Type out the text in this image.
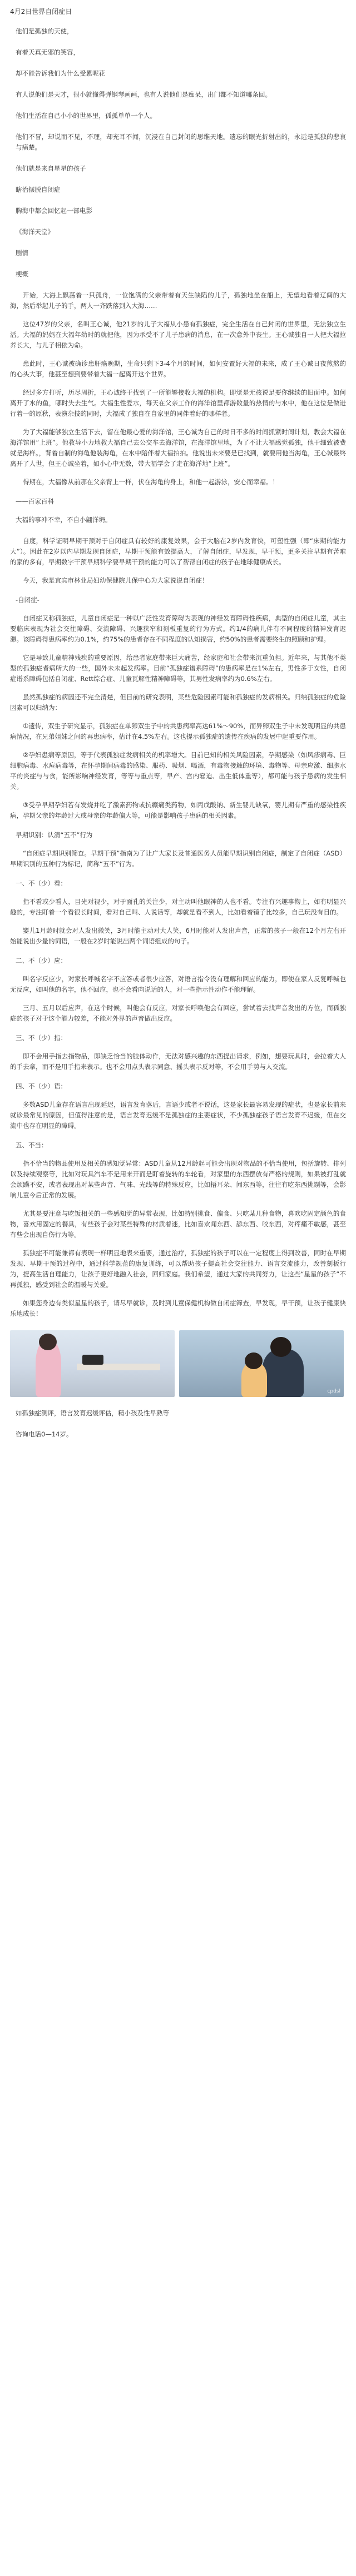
4月2日世界自闭症日

他们是孤独的天使，

有着天真无邪的笑容，

却不能告诉我们为什么受累呢花

有人说他们是天才，很小就懂得弹钢琴画画，也有人说他们是痴呆，出门都不知道哪条回。

他们生活在自己小小的世界里，孤孤单单一个人。

他们不冒，却说而不见，不理，却充耳不闻，沉浸在自己封闭的思维天地。遗忘的眼光折射出的，永远是孤独的悲哀与痛楚。

他们就是来自星星的孩子

瞎治摆脱自闭症

胸海中都会回忆起一部电影

《海洋天堂》

剧情

梗概

开始，大海上飘荡着一只孤舟，一位饱满的父亲带着有天生缺陷的儿子，孤独地坐在船上，无望地看着辽阔的大海，然后举起儿子的手，两人一齐跌落到入大海……

这位47岁的父亲，名叫王心诚，他21岁的儿子大福从小患有孤独症，完全生活在自己封闭的世界里，无法独立生活。大福的妈妈在大福年幼时的就把他，因为承受不了儿子患病的消息，在一次意外中丧生。王心诚独自一人把大福拉养长大，与儿子相依为命。

患此时，王心诚被确诊患肝癌晚期，生命只剩下3-4个月的时间，如何安置好大福的未来，成了王心诚日夜煎熬的的心头大事，他甚至想到要带着大福一起离开这个世界。

经过多方打听，历尽周折，王心诚终于找到了一所能够接收大福的机构。即觉是无孩说足要你继续的旧面中。如何离开了水的鱼，哪时失去生气。大福生性爱水，每天在父亲工作的海洋馆里都游数量的热情的与水中，他在这位是做进行着一的原秋，表演杂技的同时，大福成了独自在自家里的同伴着好的哪样者。

为了大福能够独立生活下去，留在他最心爱的海洋馆，王心诚为自己的时日不多的时间抓紧时间计划，教会大福在海洋馆用“上班”。他教导小力地教大福自己去公交车去海洋馆，在海洋馆里地，为了不让大福感觉孤独，他于细致被费就是海样。，背着自制的海龟他装海龟，在水中陪伴着大福拍拍。他说出未来要是已找到，就要用他当海龟，王心诚最终离开了人世，但王心诚坐着，如小心中无数，带大福学会了走在海洋地“上班”。

得期在，大福像从前那在父亲背上一样，伏在海龟的身上，和他一起游泳，安心而幸福。！

——百家百科

大福的事冲不幸，不自小翩洋坍。

自度，科学证明早期干预对于自闭症具有较好的康复效果，会于大脑在2岁内发育快，可塑性强（即“床期的能力大”）。因此在2岁以内早期发现自闭症，早期干预能有效提高大，了解自闭症，早发现，早干预，更多关注早期有苦难的家的多有，早期数字干预早期科学要早期干预的能力可以了帮帮自闭症的孩子在地球健康成长。

今天，我是宜宾市林业局妇幼保健院儿保中心为大家说说自闭症！

-自闭症-

自闭症又称孤独症，儿童自闭症是一种以广泛性发育障碍为表现的神经发育障碍性疾病，典型的自闭症儿童，其主要临床表现为社会交往障碍、交流障碍、兴趣狭窄和刻板重复的行为方式。约1/4的病儿伴有不同程度的精神发育迟滞。该障碍得患病率约为0.1%，约75%的患者存在不同程度的认知损害，约50%的患者需要终生的照顾和护理。

它是导致儿童精神残疾的重要原因，给患者家庭带来巨大痛苦，经家庭和社会带来沉重负担。近年来，与其他不类型的孤独症者病所大的一些，国外未未起发病率。目前“孤独症谱系障碍”的患病率是在1%左右，男性多于女性，自闭症谱系障碍包括自闭症、Rett综合症、儿童瓦解性精神障碍等，其男性发病率约为0.6%左右。

虽然孤独症的病因还不完全清楚，但目前的研究表明，某些危险因素可能和孤独症的发病相关。归纳孤独症的危险因素可以归纳为：

①遗传，双生子研究显示，孤独症在单卵双生子中的共患病率高达61%～90%，而异卵双生子中未发现明显的共患病情况，在兄弟姐妹之间的再患病率，估计在4.5%左右。这也提示孤独症的遗传在疾病的发展中起重要作用。

②孕妇患病等原因，等于代表孤独症发病相关的机率增大。目前已知的相关风险因素，孕期感染（如风疹病毒、巨细胞病毒、水痘病毒等，在怀孕期间病毒的感染、服药、吸烟、喝酒，有毒物接触的环境、毒物等、母亲应激、细胞水平的炎症与与食，能所影响神经发育，等等与重点等，早产、宫内窘迫、出生低体重等），都可能与孩子患病的发生相关。

③受孕早期孕妇若有发烧并吃了激素药物或抗癫痫类药物，如丙戊酸钠、新生婴儿缺氧，婴儿期有严重的感染性疾病，孕期父亲的年龄过大或母亲的年龄偏大等，可能是影响孩子患病的相关因素。

早期识别：认清“五不”行为

“自闭症早期识别筛查。早期干预”指南为了让广大家长及普通医务人员能早期识别自闭症，制定了自闭症（ASD）早期识别的五种行为标记，简称“五不”行为。

一、不（少）看：

指不看或少看人，目光对视少，对于面孔的关注少，对主动叫他眼神的人也不看。专注有兴趣事物上，如有明显兴趣的，专注盯着一个看很长时间，看对自己叫、人说话等，却就是看不到人，比如看着镜子比较多，自己玩没有目的。

婴儿1月龄时就会对人发出微笑，3月时能主动对大人笑，6月时能对人发出声音，正常的孩子一般在12个月左右开始能说出少量的词语，一般在2岁时能说出两个词语组成的句子。

二、不（少）应：

叫名字反应少，对家长呼喊名字不应答或者很少应答，对语言指令没有理解和回应的能力，即使在家人反复呼喊也无反应，如叫他的名字，他不回应，也不会看向说话的人，对一些指示性动作不能理解。

三月、五月以后应声，在这个时候，叫他会有反应，对家长呼唤他会有回应，尝试着去找声音发出的方位，而孤独症的孩子对于这个能力较差，不能对外界的声音做出反应。

三、不（少）指：

即不会用手指去指物品，即缺乏恰当的肢体动作，无法对感兴趣的东西提出请求，例如，想要玩具时，会拉着大人的手去拿，而不是用手指来表示。也不会用点头表示同意、摇头表示反对等，不会用手势与人交流。

四、不（少）语：

多数ASD儿童存在语言出现延迟，语言发育落后，言语少或者不说话，这是家长最容易发现的症状，也是家长前来就诊最常见的原因，但值得注意的是，语言发育迟缓不是孤独症的主要症状，不少孤独症孩子语言发育不迟缓，但在交流中也存在明显的障碍。

五、不当：

指不恰当的物品使用及相关的感知觉异常：ASD儿童从12月龄起可能会出现对物品的不恰当使用，包括旋转、排列以及持续观察等，比如对玩具汽车不是用来开而是盯着旋转的车轮看，对家里的东西摆放有严格的规则，如果被打乱就会烦躁不安，或者表现出对某些声音、气味、光线等的特殊反应，比如捂耳朵、闻东西等，往往有吃东西挑剔等，会影响儿童今后正常的发展。

尤其是要注意与吃饭相关的一些感知觉的异常表现，比如特别挑食、偏食、只吃某几种食物，喜欢吃固定颜色的食物，喜欢用固定的餐具，有些孩子会对某些特殊的材质着迷，比如喜欢闻东西、舔东西、咬东西，对疼痛不敏感，甚至有些会出现自伤行为等。

孤独症不可能兼都有表现一样明显地表来重要，通过治疗，孤独症的孩子可以在一定程度上得到改善，同时在早期发现、早期干预的过程中，通过科学规范的康复训练，可以帮助孩子提高社会交往能力、语言交流能力，改善刻板行为，提高生活自理能力，让孩子更好地融入社会，回归家庭。我们希望，通过大家的共同努力，让这些“星星的孩子”不再孤独，感受到社会的温暖与关爱。

如果您身边有类似星星的孩子，请尽早就诊，及时到儿童保健机构做自闭症筛查，早发现，早干预，让孩子健康快乐地成长！

cpdsl

如孤独症测评，语言发育迟缓评估，精小孩及性早熟等

咨询电话0—14岁。
